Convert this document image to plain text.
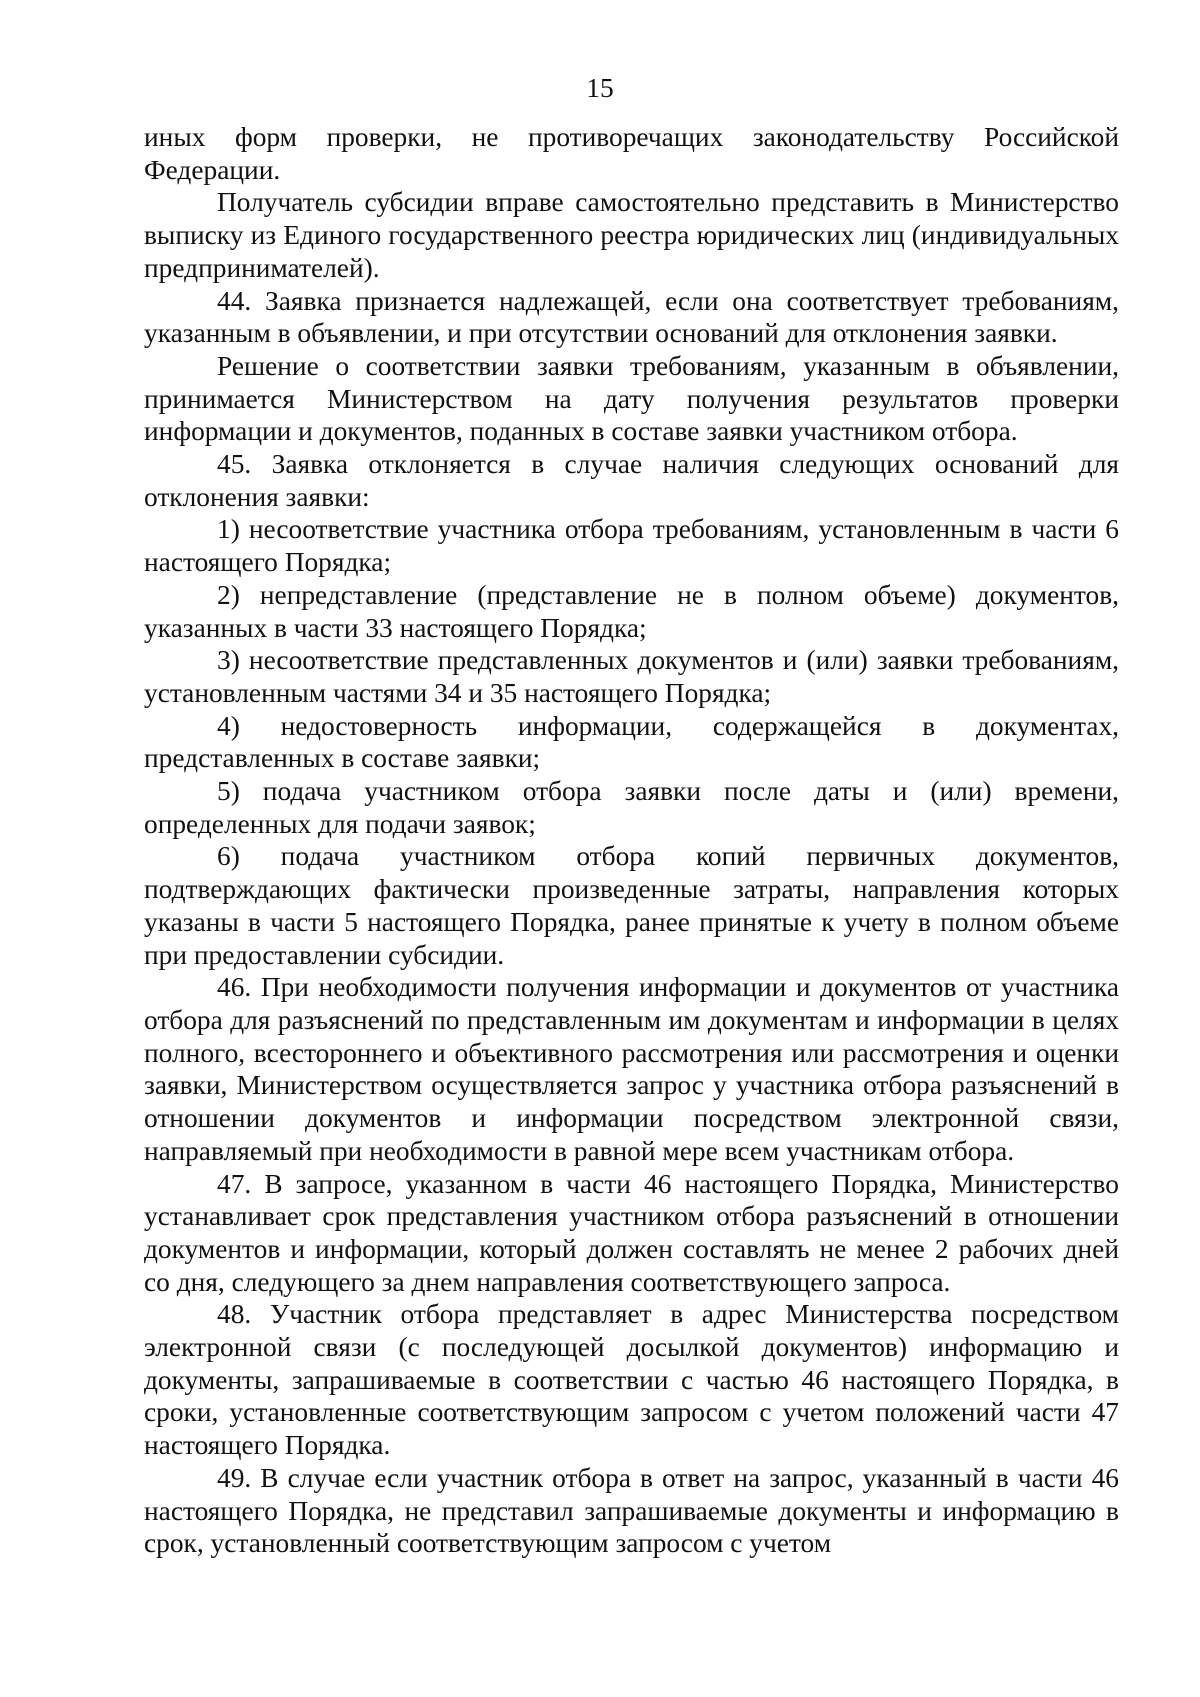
15

иных форм проверки, не противоречащих законодательству Российской Федерации.

Получатель субсидии вправе самостоятельно представить в Министерство выписку из Единого государственного реестра юридических лиц (индивидуальных предпринимателей).

44. Заявка признается надлежащей, если она соответствует требованиям, указанным в объявлении, и при отсутствии оснований для отклонения заявки.

Решение о соответствии заявки требованиям, указанным в объявлении, принимается Министерством на дату получения результатов проверки информации и документов, поданных в составе заявки участником отбора.

45. Заявка отклоняется в случае наличия следующих оснований для отклонения заявки:

1) несоответствие участника отбора требованиям, установленным в части 6 настоящего Порядка;

2) непредставление (представление не в полном объеме) документов, указанных в части 33 настоящего Порядка;

3) несоответствие представленных документов и (или) заявки требованиям, установленным частями 34 и 35 настоящего Порядка;

4) недостоверность информации, содержащейся в документах, представленных в составе заявки;

5) подача участником отбора заявки после даты и (или) времени, определенных для подачи заявок;

6) подача участником отбора копий первичных документов, подтверждающих фактически произведенные затраты, направления которых указаны в части 5 настоящего Порядка, ранее принятые к учету в полном объеме при предоставлении субсидии.

46. При необходимости получения информации и документов от участника отбора для разъяснений по представленным им документам и информации в целях полного, всестороннего и объективного рассмотрения или рассмотрения и оценки заявки, Министерством осуществляется запрос у участника отбора разъяснений в отношении документов и информации посредством электронной связи, направляемый при необходимости в равной мере всем участникам отбора.

47. В запросе, указанном в части 46 настоящего Порядка, Министерство устанавливает срок представления участником отбора разъяснений в отношении документов и информации, который должен составлять не менее 2 рабочих дней со дня, следующего за днем направления соответствующего запроса.

48. Участник отбора представляет в адрес Министерства посредством электронной связи (с последующей досылкой документов) информацию и документы, запрашиваемые в соответствии с частью 46 настоящего Порядка, в сроки, установленные соответствующим запросом с учетом положений части 47 настоящего Порядка.

49. В случае если участник отбора в ответ на запрос, указанный в части 46 настоящего Порядка, не представил запрашиваемые документы и информацию в срок, установленный соответствующим запросом с учетом
